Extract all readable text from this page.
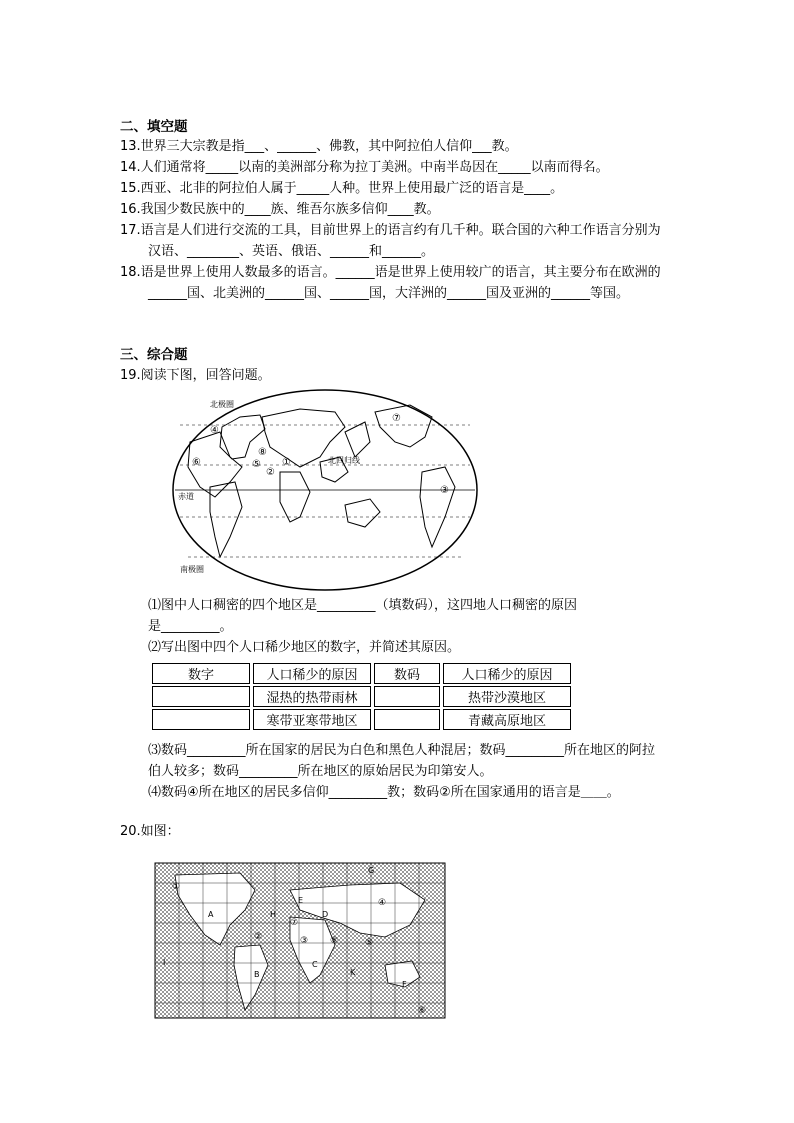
二、填空题
13.世界三大宗教是指___、______、佛教，其中阿拉伯人信仰___教。
14.人们通常将_____以南的美洲部分称为拉丁美洲。中南半岛因在_____以南而得名。
15.西亚、北非的阿拉伯人属于_____人种。世界上使用最广泛的语言是____。
16.我国少数民族中的____族、维吾尔族多信仰____教。
17.语言是人们进行交流的工具，目前世界上的语言约有几千种。联合国的六种工作语言分别为
汉语、________、英语、俄语、______和______。
18.语是世界上使用人数最多的语言。______语是世界上使用较广的语言，其主要分布在欧洲的
______国、北美洲的______国、______国，大洋洲的______国及亚洲的______等国。
三、综合题
19.阅读下图，回答问题。
北极圈
北回归线
赤道
南极圈
①
②
③
④
⑤
⑥
⑦
⑧
⑴图中人口稠密的四个地区是_________（填数码），这四地人口稠密的原因
是_________。
⑵写出图中四个人口稀少地区的数字，并简述其原因。
数字	人口稀少的原因	数码	人口稀少的原因
	湿热的热带雨林		热带沙漠地区
	寒带亚寒带地区		青藏高原地区
⑶数码_________所在国家的居民为白色和黑色人种混居；数码_________所在地区的阿拉
伯人较多；数码_________所在地区的原始居民为印第安人。
⑷数码④所在地区的居民多信仰_________教；数码②所在国家通用的语言是＿＿。
20.如图：
A
B
C
D
H
I
K
G
F
E
①
②	③
④
⑤
⑥
⑦
⑧
